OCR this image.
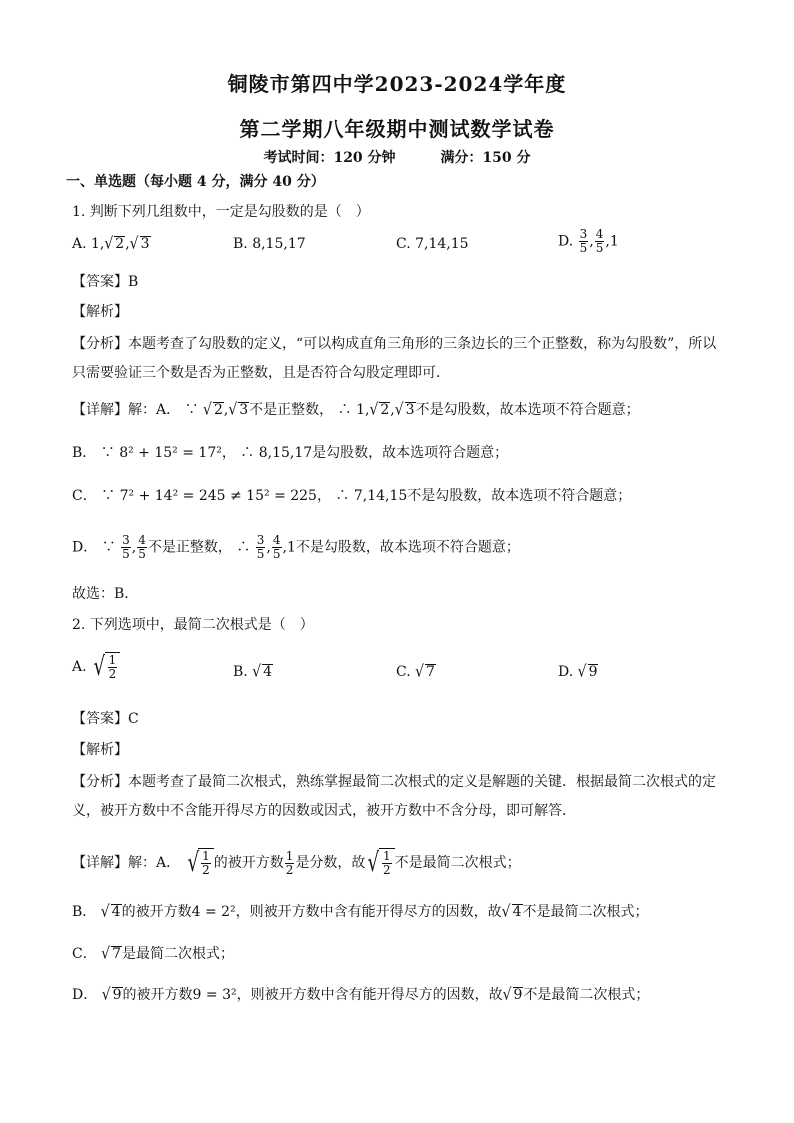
铜陵市第四中学2023-2024学年度
第二学期八年级期中测试数学试卷
考试时间：120 分钟	满分：150 分
一、单选题（每小题 4 分，满分 40 分）
1. 判断下列几组数中，一定是勾股数的是（　）
A. 1,√ 2,√ 3	B. 8,15,17	C. 7,14,15	D. $\frac{3}{5}$ , $\frac{4}{5} ,1$
【答案】B
【解析】
【分析】本题考查了勾股数的定义，“可以构成直角三角形的三条边长的三个正整数，称为勾股数”，所以只需要验证三个数是否为正整数，且是否符合勾股定理即可．
【详解】解：A． ∵ √ 2,√ 3不是正整数， ∴ 1,√ 2,√ 3不是勾股数，故本选项不符合题意；
B． ∵ 8² + 15² = 17²， ∴ 8,15,17是勾股数，故本选项符合题意；
C． ∵ 7² + 14² = 245 ≠ 15² = 225， ∴ 7,14,15不是勾股数，故本选项不符合题意；
D． ∵ $\frac{3}{5}$ , $\frac{4}{5}$ 不是正整数， ∴ $\frac{3}{5}$ , $\frac{4}{5} ,1$不是勾股数，故本选项不符合题意；
故选：B．
2. 下列选项中，最简二次根式是（　）
A. √ $\frac{1}{2}$	B. √ 4	C. √ 7	D. √ 9
【答案】C
【解析】
【分析】本题考查了最简二次根式，熟练掌握最简二次根式的定义是解题的关键．根据最简二次根式的定义，被开方数中不含能开得尽方的因数或因式，被开方数中不含分母，即可解答．
【详解】解：A． √ $\frac{1}{2}$ 的被开方数 $\frac{1}{2}$ 是分数，故 √ $\frac{1}{2}$ 不是最简二次根式；
B． √ 4的被开方数4 = 2²，则被开方数中含有能开得尽方的因数，故√ 4不是最简二次根式；
C． √ 7是最简二次根式；
D． √ 9的被开方数9 = 3²，则被开方数中含有能开得尽方的因数，故√ 9不是最简二次根式；
